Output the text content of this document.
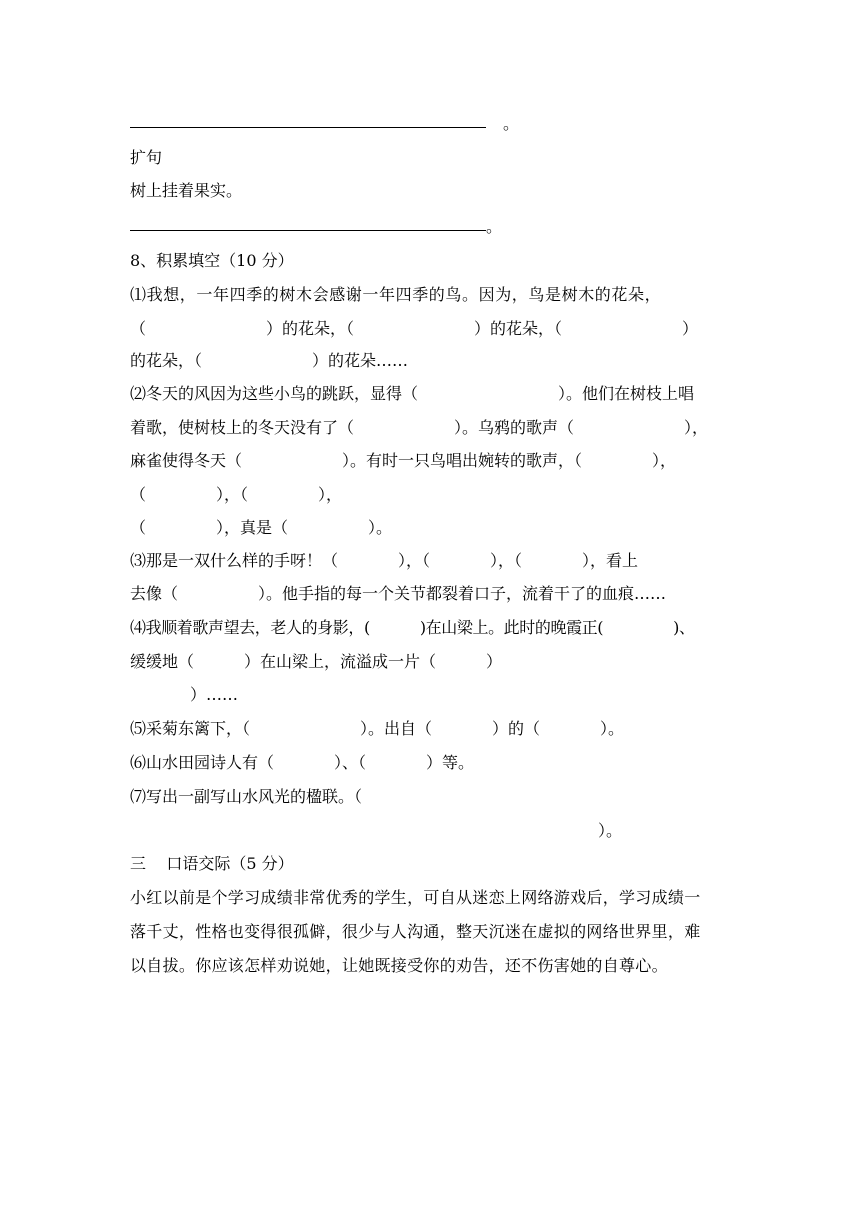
。
扩句
树上挂着果实。
。
8、积累填空（10 分）
⑴我想，一年四季的树木会感谢一年四季的鸟。因为，鸟是树木的花朵，
（	）的花朵，（	）的花朵，（	）
的花朵，（	）的花朵……
⑵冬天的风因为这些小鸟的跳跃，显得（	）。他们在树枝上唱
着歌，使树枝上的冬天没有了（	）。乌鸦的歌声（	），
麻雀使得冬天（	）。有时一只鸟唱出婉转的歌声，（	），
（	），（	），
（	），真是（	）。
⑶那是一双什么样的手呀！（	），（	），（	），看上
去像（	）。他手指的每一个关节都裂着口子，流着干了的血痕……
⑷我顺着歌声望去，老人的身影，(	)在山梁上。此时的晚霞正(	)、
缓缓地（	）在山梁上，流溢成一片（	）
）……
⑸采菊东篱下，（	）。出自（	）的（	）。
⑹山水田园诗人有（	）、（	）等。
⑺写出一副写山水风光的楹联。（
）。
三    口语交际（5 分）
小红以前是个学习成绩非常优秀的学生，可自从迷恋上网络游戏后，学习成绩一
落千丈，性格也变得很孤僻，很少与人沟通，整天沉迷在虚拟的网络世界里，难
以自拔。你应该怎样劝说她，让她既接受你的劝告，还不伤害她的自尊心。
